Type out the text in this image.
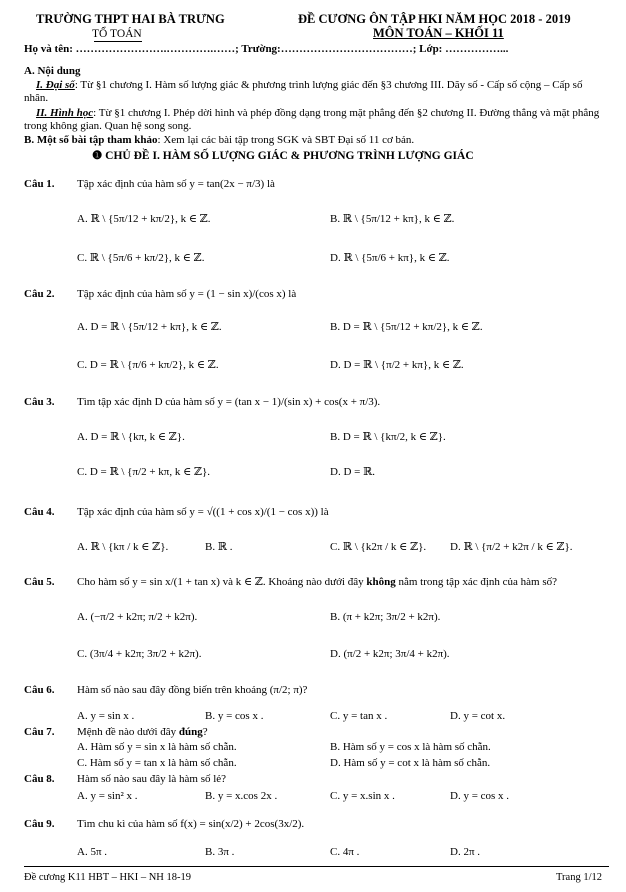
TRƯỜNG THPT HAI BÀ TRƯNG
TỔ TOÁN
ĐỀ CƯƠNG ÔN TẬP HKI NĂM HỌC 2018 - 2019
MÔN TOÁN – KHỐI 11
Họ và tên: …………………….………….……; Trường:………………………………; Lớp: ……………...
A. Nội dung
I. Đại số: Từ §1 chương I. Hàm số lượng giác & phương trình lượng giác đến §3 chương III. Dãy số - Cấp số cộng – Cấp số nhân.
II. Hình học: Từ §1 chương I. Phép dời hình và phép đồng dạng trong mặt phẳng đến §2 chương II. Đường thẳng và mặt phẳng trong không gian. Quan hệ song song.
B. Một số bài tập tham khảo: Xem lại các bài tập trong SGK và SBT Đại số 11 cơ bản.
❶ CHỦ ĐỀ I. HÀM SỐ LƯỢNG GIÁC & PHƯƠNG TRÌNH LƯỢNG GIÁC
Câu 1. Tập xác định của hàm số y = tan(2x − π/3) là
A. ℝ \ {5π/12 + kπ/2}, k ∈ ℤ.	B. ℝ \ {5π/12 + kπ}, k ∈ ℤ.
C. ℝ \ {5π/6 + kπ/2}, k ∈ ℤ.	D. ℝ \ {5π/6 + kπ}, k ∈ ℤ.
Câu 2. Tập xác định của hàm số y = (1 − sin x)/(cos x) là
A. D = ℝ \ {5π/12 + kπ}, k ∈ ℤ.	B. D = ℝ \ {5π/12 + kπ/2}, k ∈ ℤ.
C. D = ℝ \ {π/6 + kπ/2}, k ∈ ℤ.	D. D = ℝ \ {π/2 + kπ}, k ∈ ℤ.
Câu 3. Tìm tập xác định D của hàm số y = (tan x − 1)/(sin x) + cos(x + π/3).
A. D = ℝ \ {kπ, k ∈ ℤ}.	B. D = ℝ \ {kπ/2, k ∈ ℤ}.
C. D = ℝ \ {π/2 + kπ, k ∈ ℤ}.	D. D = ℝ.
Câu 4. Tập xác định của hàm số y = √((1 + cos x)/(1 − cos x)) là
A. ℝ \ {kπ / k ∈ ℤ}.	B. ℝ .	C. ℝ \ {k2π / k ∈ ℤ}. D. ℝ \ {π/2 + k2π / k ∈ ℤ}.
Câu 5. Cho hàm số y = sin x/(1 + tan x) và k ∈ ℤ. Khoảng nào dưới đây không nằm trong tập xác định của hàm số?
A. (−π/2 + k2π; π/2 + k2π).	B. (π + k2π; 3π/2 + k2π).
C. (3π/4 + k2π; 3π/2 + k2π).	D. (π/2 + k2π; 3π/4 + k2π).
Câu 6. Hàm số nào sau đây đồng biến trên khoảng (π/2; π)?
A. y = sin x .	B. y = cos x .	C. y = tan x .	D. y = cot x.
Câu 7. Mệnh đề nào dưới đây đúng?
A. Hàm số y = sin x là hàm số chẵn.	B. Hàm số y = cos x là hàm số chẵn.
C. Hàm số y = tan x là hàm số chẵn.	D. Hàm số y = cot x là hàm số chẵn.
Câu 8. Hàm số nào sau đây là hàm số lẻ?
A. y = sin² x .	B. y = x.cos 2x .	C. y = x.sin x .	D. y = cos x .
Câu 9. Tìm chu kì của hàm số f(x) = sin(x/2) + 2cos(3x/2).
A. 5π .	B. 3π .	C. 4π .	D. 2π .
Đề cương K11 HBT – HKI – NH 18-19	Trang 1/12
